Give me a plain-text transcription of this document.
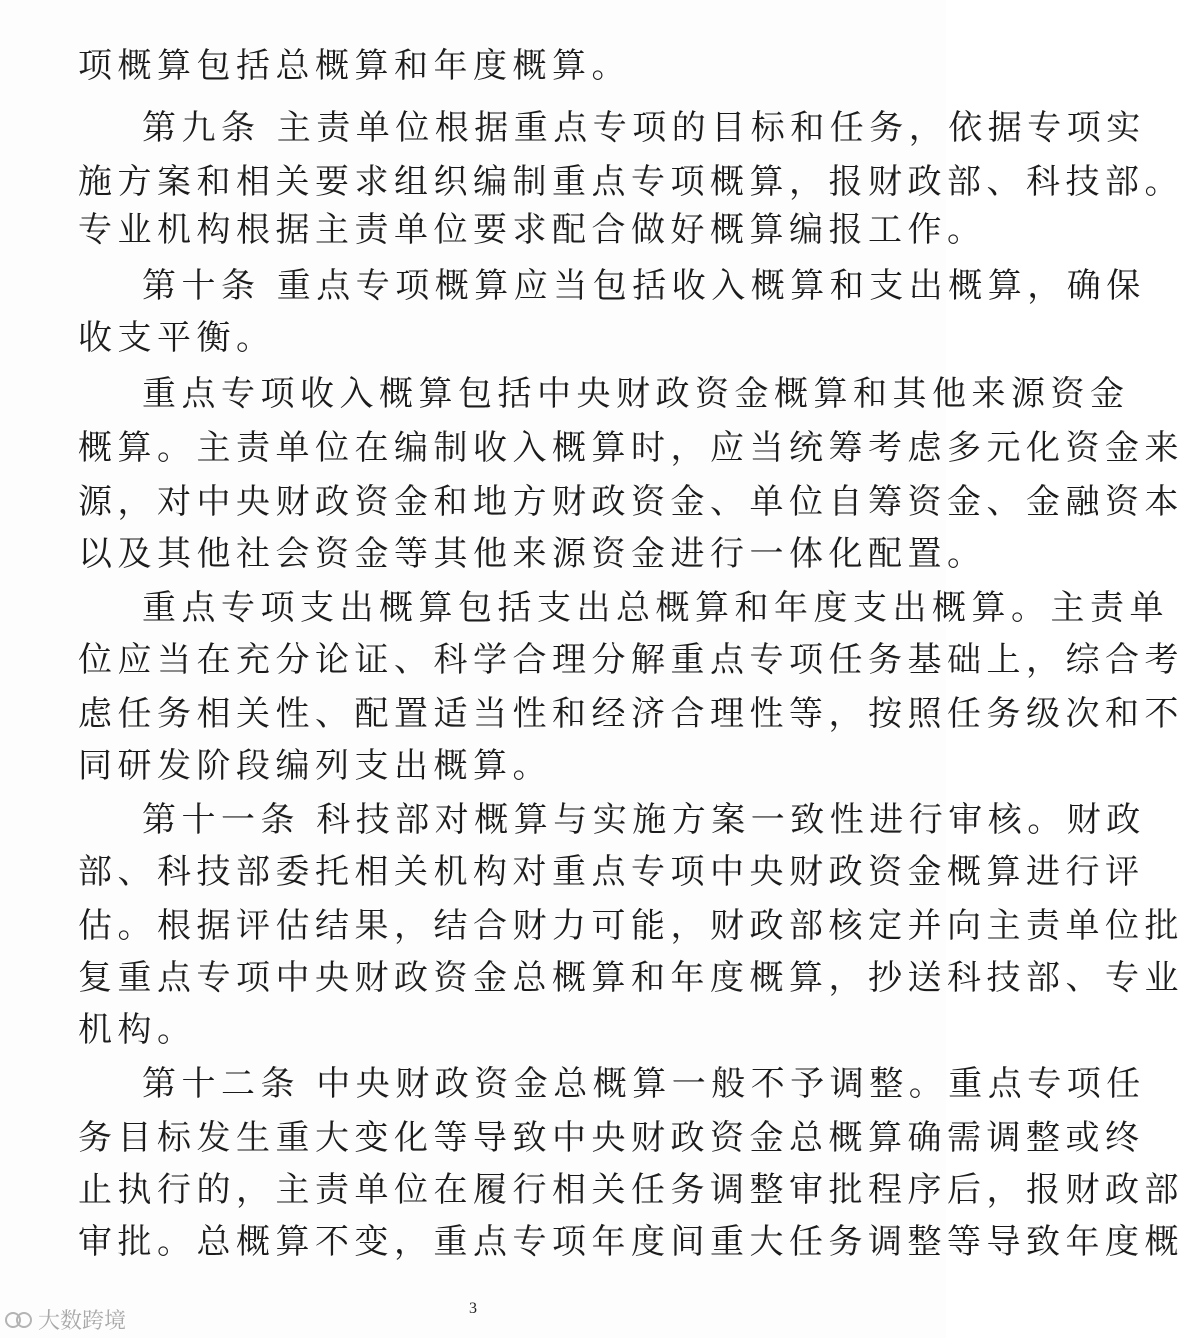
项概算包括总概算和年度概算。
第九条 主责单位根据重点专项的目标和任务，依据专项实
施方案和相关要求组织编制重点专项概算，报财政部、科技部。
专业机构根据主责单位要求配合做好概算编报工作。
第十条 重点专项概算应当包括收入概算和支出概算，确保
收支平衡。
重点专项收入概算包括中央财政资金概算和其他来源资金
概算。主责单位在编制收入概算时，应当统筹考虑多元化资金来
源，对中央财政资金和地方财政资金、单位自筹资金、金融资本
以及其他社会资金等其他来源资金进行一体化配置。
重点专项支出概算包括支出总概算和年度支出概算。主责单
位应当在充分论证、科学合理分解重点专项任务基础上，综合考
虑任务相关性、配置适当性和经济合理性等，按照任务级次和不
同研发阶段编列支出概算。
第十一条 科技部对概算与实施方案一致性进行审核。财政
部、科技部委托相关机构对重点专项中央财政资金概算进行评
估。根据评估结果，结合财力可能，财政部核定并向主责单位批
复重点专项中央财政资金总概算和年度概算，抄送科技部、专业
机构。
第十二条 中央财政资金总概算一般不予调整。重点专项任
务目标发生重大变化等导致中央财政资金总概算确需调整或终
止执行的，主责单位在履行相关任务调整审批程序后，报财政部
审批。总概算不变，重点专项年度间重大任务调整等导致年度概
3
大数跨境
